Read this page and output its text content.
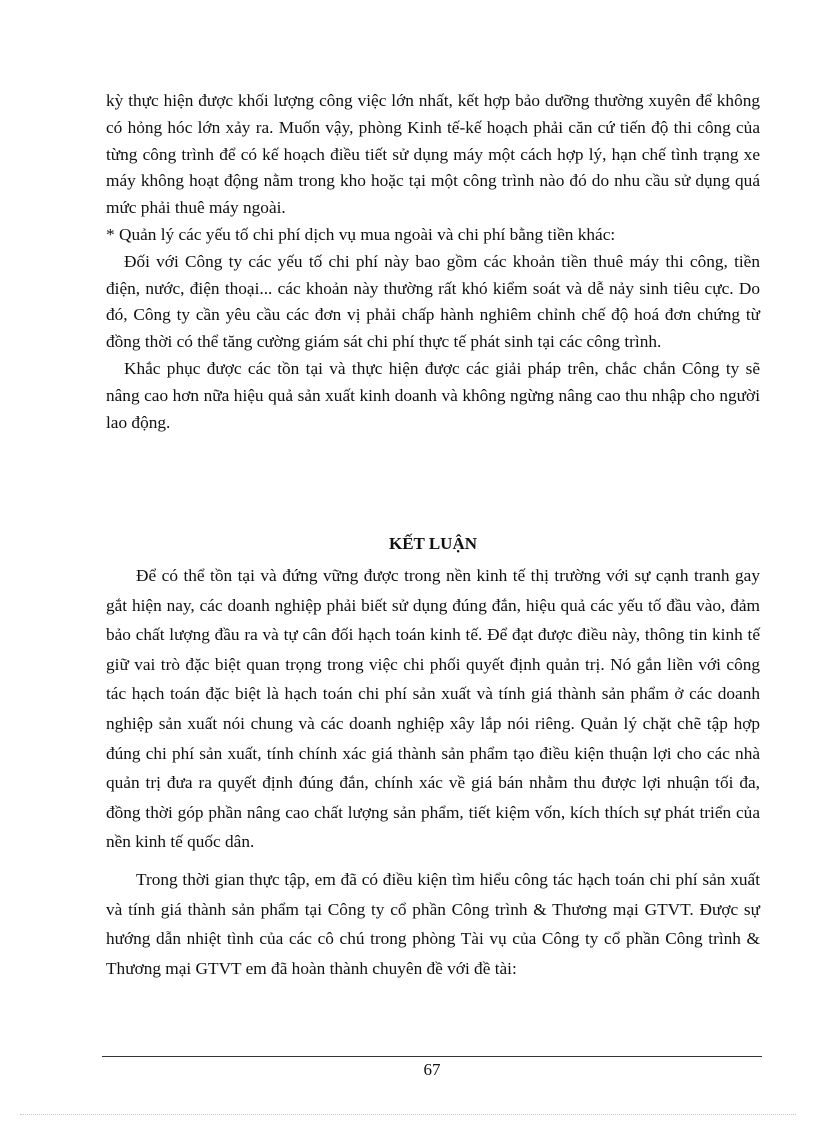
kỳ thực hiện được khối lượng công việc lớn nhất, kết hợp bảo dưỡng thường xuyên để không có hỏng hóc lớn xảy ra. Muốn vậy, phòng Kinh tế-kế hoạch phải căn cứ tiến độ thi công của từng công trình để có kế hoạch điều tiết sử dụng máy một cách hợp lý, hạn chế tình trạng xe máy không hoạt động nằm trong kho hoặc tại một công trình nào đó do nhu cầu sử dụng quá mức phải thuê máy ngoài.

* Quản lý các yếu tố chi phí dịch vụ mua ngoài và chi phí bằng tiền khác:

Đối với Công ty các yếu tố chi phí này bao gồm các khoản tiền thuê máy thi công, tiền điện, nước, điện thoại... các khoản này thường rất khó kiểm soát và dễ nảy sinh tiêu cực. Do đó, Công ty cần yêu cầu các đơn vị phải chấp hành nghiêm chỉnh chế độ hoá đơn chứng từ đồng thời có thể tăng cường giám sát chi phí thực tế phát sinh tại các công trình.

Khắc phục được các tồn tại và thực hiện được các giải pháp trên, chắc chắn Công ty sẽ nâng cao hơn nữa hiệu quả sản xuất kinh doanh và không ngừng nâng cao thu nhập cho người lao động.

KẾT LUẬN

Để có thể tồn tại và đứng vững được trong nền kinh tế thị trường với sự cạnh tranh gay gắt hiện nay, các doanh nghiệp phải biết sử dụng đúng đắn, hiệu quả các yếu tố đầu vào, đảm bảo chất lượng đầu ra và tự cân đối hạch toán kinh tế. Để đạt được điều này, thông tin kinh tế giữ vai trò đặc biệt quan trọng trong việc chi phối quyết định quản trị. Nó gắn liền với công tác hạch toán đặc biệt là hạch toán chi phí sản xuất và tính giá thành sản phẩm ở các doanh nghiệp sản xuất nói chung và các doanh nghiệp xây lắp nói riêng. Quản lý chặt chẽ tập hợp đúng chi phí sản xuất, tính chính xác giá thành sản phẩm tạo điều kiện thuận lợi cho các nhà quản trị đưa ra quyết định đúng đắn, chính xác về giá bán nhằm thu được lợi nhuận tối đa, đồng thời góp phần nâng cao chất lượng sản phẩm, tiết kiệm vốn, kích thích sự phát triển của nền kinh tế quốc dân.

Trong thời gian thực tập, em đã có điều kiện tìm hiểu công tác hạch toán chi phí sản xuất và tính giá thành sản phẩm tại Công ty cổ phần Công trình & Thương mại GTVT. Được sự hướng dẫn nhiệt tình của các cô chú trong phòng Tài vụ của Công ty cổ phần Công trình & Thương mại GTVT em đã hoàn thành chuyên đề với đề tài:

67
